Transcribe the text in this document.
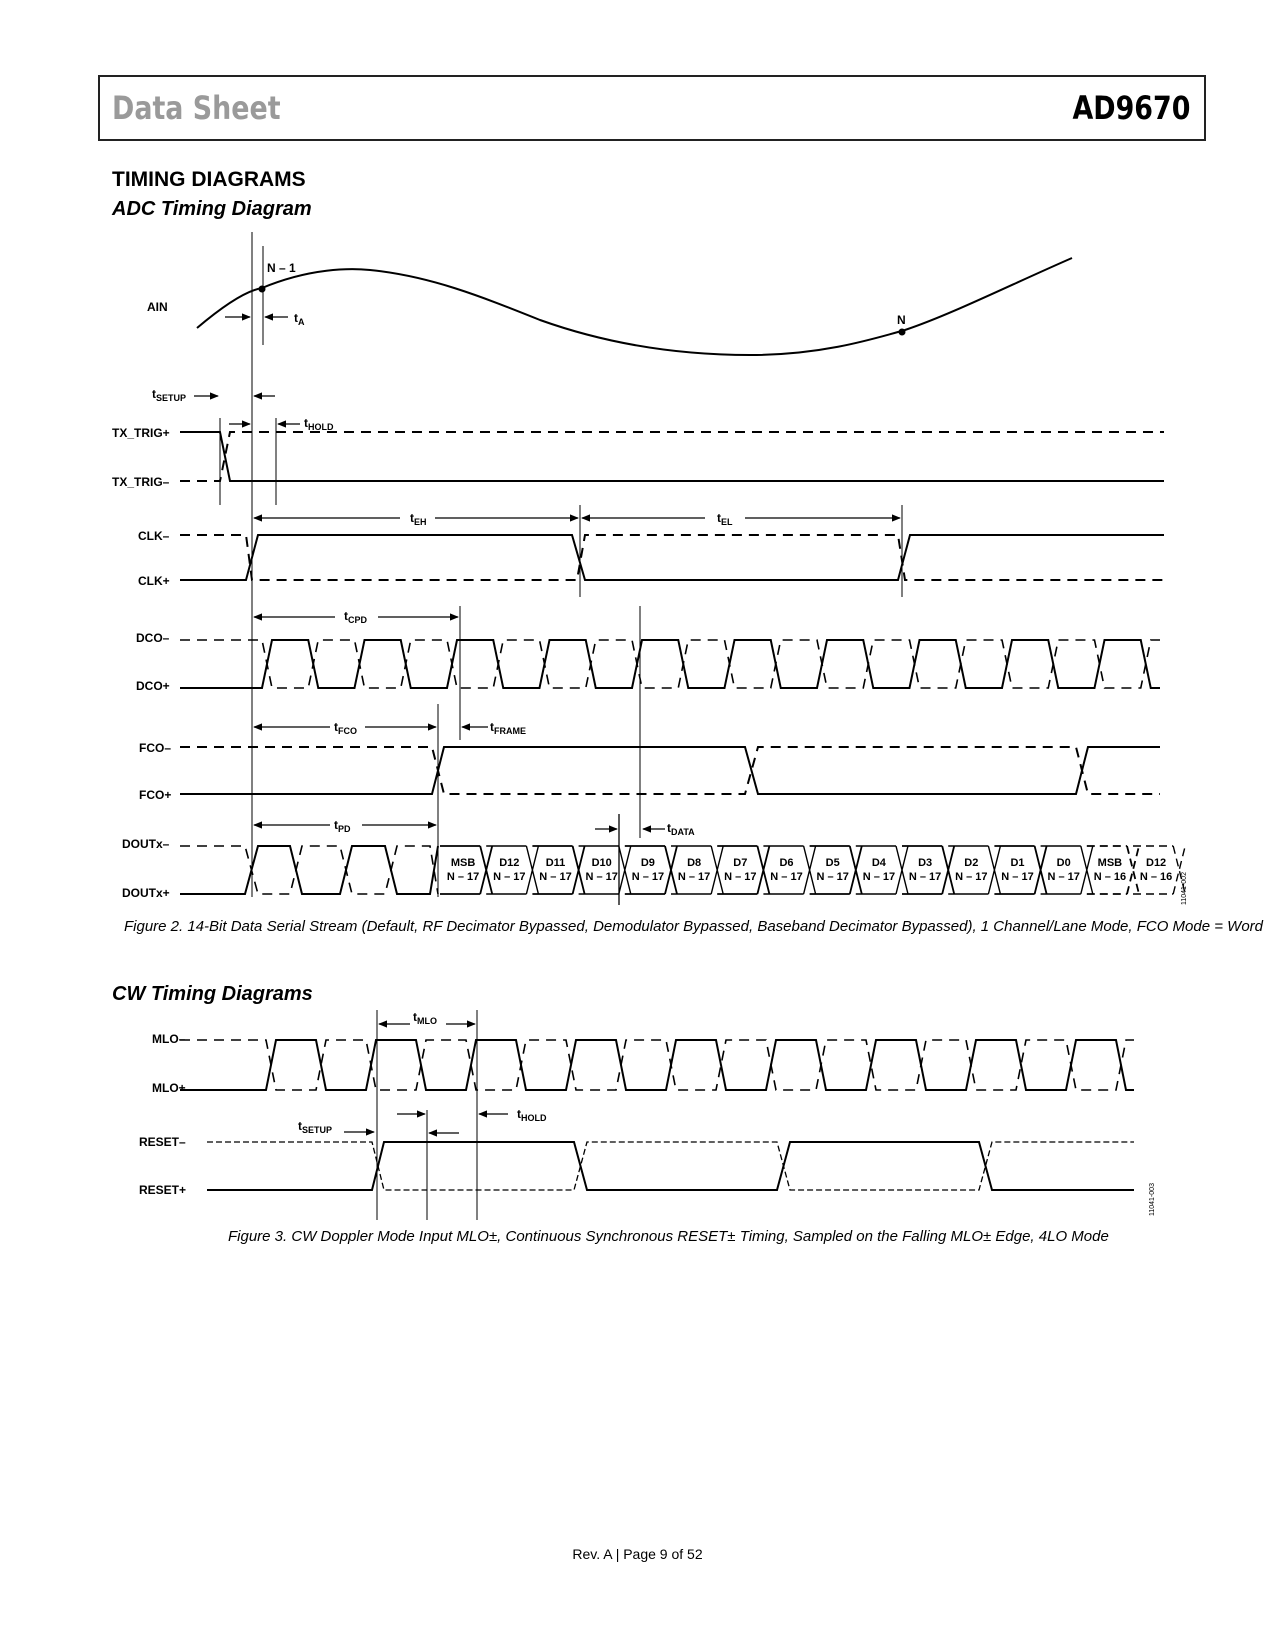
Data Sheet	AD9670
TIMING DIAGRAMS
ADC Timing Diagram
AIN
TX_TRIG+
TX_TRIG–
CLK–
CLK+
DCO–
DCO+
FCO–
FCO+
DOUTx–
DOUTx+
N – 1
N
tA
tSETUP
tHOLD
tEH	tEL
tCPD
tFCO	tFRAME
tPD	tDATA
MSB
N – 17
D12
N – 17
D11
N – 17
D10
N – 17
D9
N – 17
D8
N – 17
D7
N – 17
D6
N – 17
D5
N – 17
D4
N – 17
D3
N – 17
D2
N – 17
D1
N – 17
D0
N – 17
MSB
N – 16
D12
N – 16 11041-002
MLO–
MLO+
RESET–
RESET+
tMLO
tSETUP
tHOLD
11041-003
Figure 2. 14-Bit Data Serial Stream (Default, RF Decimator Bypassed, Demodulator Bypassed, Baseband Decimator Bypassed), 1 Channel/Lane Mode, FCO Mode = Word
CW Timing Diagrams
Figure 3. CW Doppler Mode Input MLO±, Continuous Synchronous RESET± Timing, Sampled on the Falling MLO± Edge, 4LO Mode
Rev. A | Page 9 of 52
